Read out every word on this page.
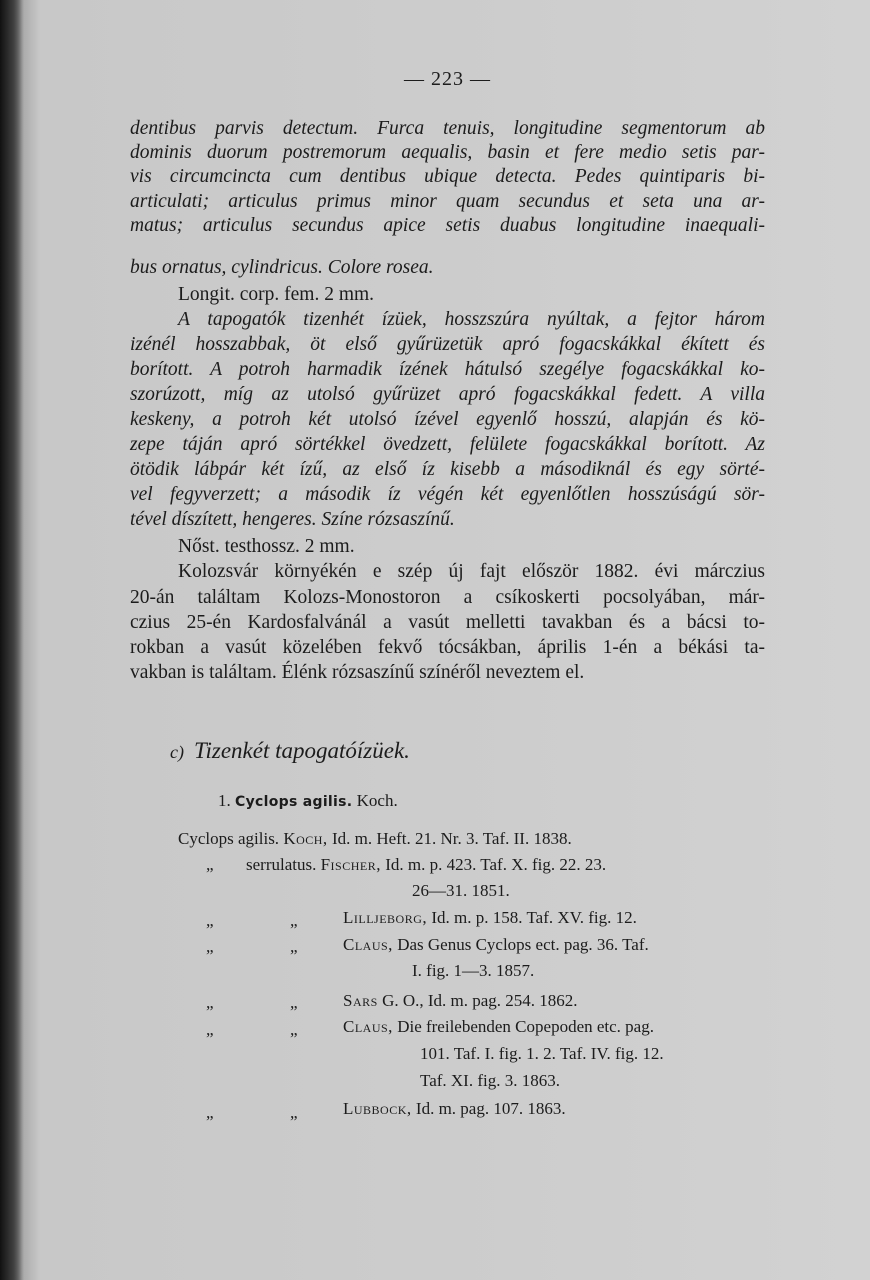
— 223 —
dentibus parvis detectum. Furca tenuis, longitudine segmentorum ab
dominis duorum postremorum aequalis, basin et fere medio setis par-
vis circumcincta cum dentibus ubique detecta. Pedes quintiparis bi-
articulati; articulus primus minor quam secundus et seta una ar-
matus; articulus secundus apice setis duabus longitudine inaequali-
bus ornatus, cylindricus. Colore rosea.
Longit. corp. fem. 2 mm.
A tapogatók tizenhét ízüek, hosszszúra nyúltak, a fejtor három
izénél hosszabbak, öt első gyűrüzetük apró fogacskákkal ékített és
borított. A potroh harmadik ízének hátulsó szegélye fogacskákkal ko-
szorúzott, míg az utolsó gyűrüzet apró fogacskákkal fedett. A villa
keskeny, a potroh két utolsó ízével egyenlő hosszú, alapján és kö-
zepe táján apró sörtékkel övedzett, felülete fogacskákkal borított. Az
ötödik lábpár két ízű, az első íz kisebb a másodiknál és egy sörté-
vel fegyverzett; a második íz végén két egyenlőtlen hosszúságú sör-
tével díszített, hengeres. Színe rózsaszínű.
Nőst. testhossz. 2 mm.
Kolozsvár környékén e szép új fajt először 1882. évi márczius
20-án találtam Kolozs-Monostoron a csíkoskerti pocsolyában, már-
czius 25-én Kardosfalvánál a vasút melletti tavakban és a bácsi to-
rokban a vasút közelében fekvő tócsákban, április 1-én a békási ta-
vakban is találtam. Élénk rózsaszínű színéről neveztem el.
c) Tizenkét tapogatóízüek.
1. Cyclops agilis. Koch.
Cyclops agilis. Koch, Id. m. Heft. 21. Nr. 3. Taf. II. 1838.
„ serrulatus. Fischer, Id. m. p. 423. Taf. X. fig. 22. 23.
26—31. 1851.
„	„	Lilljeborg, Id. m. p. 158. Taf. XV. fig. 12.
„	„	Claus, Das Genus Cyclops ect. pag. 36. Taf.
I. fig. 1—3. 1857.
„	„	Sars G. O., Id. m. pag. 254. 1862.
„	„	Claus, Die freilebenden Copepoden etc. pag.
101. Taf. I. fig. 1. 2. Taf. IV. fig. 12.
Taf. XI. fig. 3. 1863.
„	„	Lubbock, Id. m. pag. 107. 1863.
